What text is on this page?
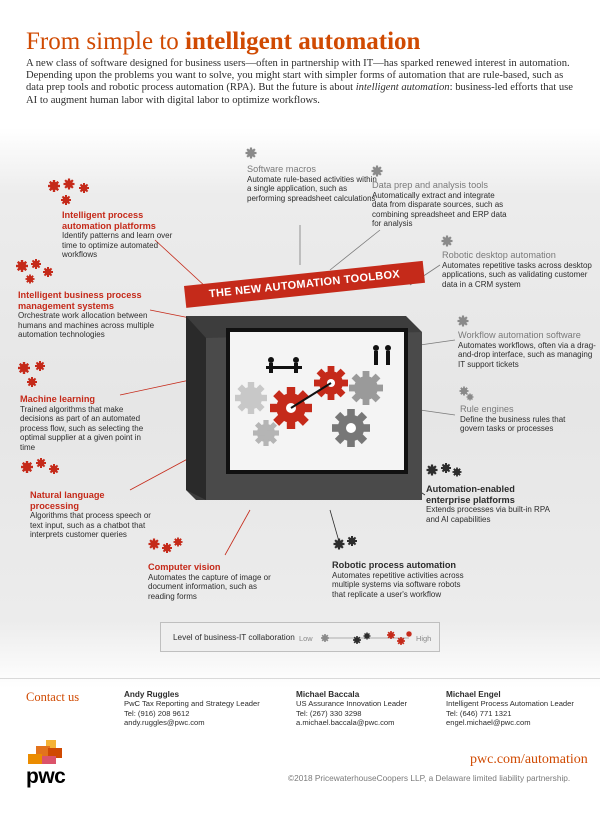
From simple to intelligent automation

A new class of software designed for business users—often in partnership with IT—has sparked renewed interest in automation. Depending upon the problems you want to solve, you might start with simpler forms of automation that are rule-based, such as data prep tools and robotic process automation (RPA). But the future is about intelligent automation: business-led efforts that use AI to augment human labor with digital labor to optimize workflows.

THE NEW AUTOMATION TOOLBOX
Software macros
Automate rule-based activities within a single application, such as performing spreadsheet calculations
Data prep and analysis tools
Automatically extract and integrate data from disparate sources, such as combining spreadsheet and ERP data for analysis
Robotic desktop automation
Automates repetitive tasks across desktop applications, such as validating customer data in a CRM system
Workflow automation software
Automates workflows, often via a drag-and-drop interface, such as managing IT support tickets
Rule engines
Define the business rules that govern tasks or processes
Automation-enabled enterprise platforms
Extends processes via built-in RPA and AI capabilities
Robotic process automation
Automates repetitive activities across multiple systems via software robots that replicate a user's workflow
Computer vision
Automates the capture of image or document information, such as reading forms
Natural language processing
Algorithms that process speech or text input, such as a chatbot that interprets customer queries
Machine learning
Trained algorithms that make decisions as part of an automated process flow, such as selecting the optimal supplier at a given point in time
Intelligent business process management systems
Orchestrate work allocation between humans and machines across multiple automation technologies
Intelligent process automation platforms
Identify patterns and learn over time to optimize automated workflows
Level of business-IT collaboration Low	High
Contact us	Andy Ruggles
PwC Tax Reporting and Strategy Leader
Tel: (916) 208 9612
andy.ruggles@pwc.com
Michael Baccala
US Assurance Innovation Leader
Tel: (267) 330 3298
a.michael.baccala@pwc.com
Michael Engel
Intelligent Process Automation Leader
Tel: (646) 771 1321
engel.michael@pwc.com
pwc
pwc.com/automation
©2018 PricewaterhouseCoopers LLP, a Delaware limited liability partnership.
